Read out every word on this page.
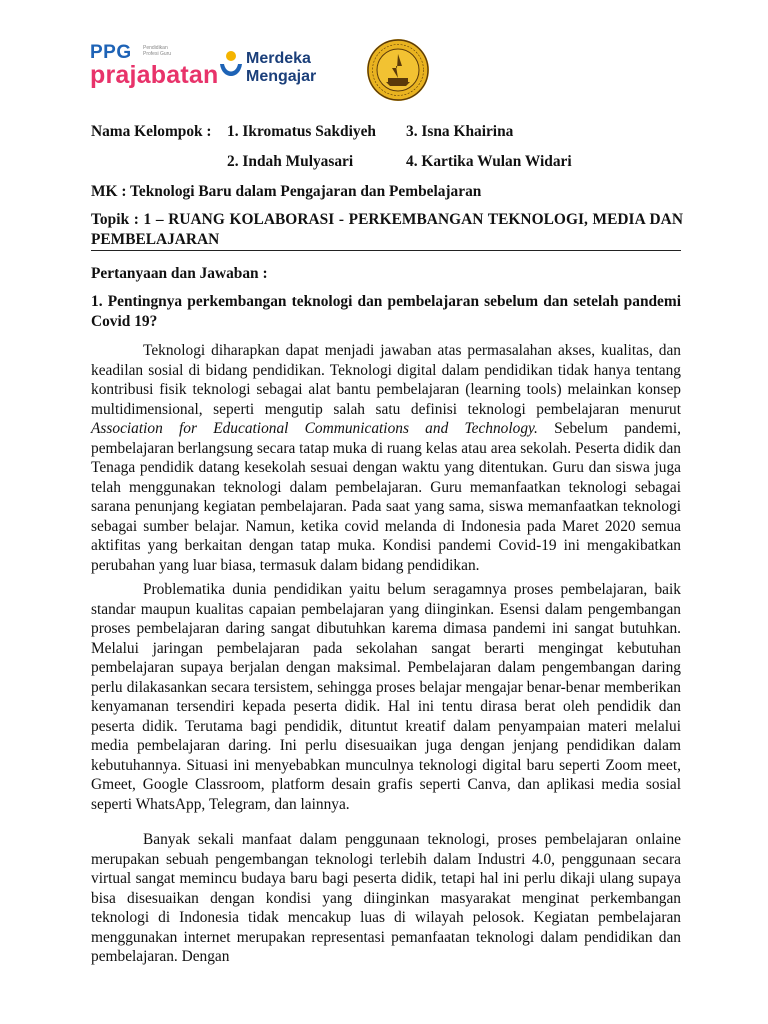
PPG Pendidikan Profesi Guru
prajabatan
Merdeka
Mengajar
Nama Kelompok : 1. Ikromatus Sakdiyeh 3. Isna Khairina
2. Indah Mulyasari	4. Kartika Wulan Widari
MK : Teknologi Baru dalam Pengajaran dan Pembelajaran
Topik : 1 – RUANG KOLABORASI - PERKEMBANGAN TEKNOLOGI, MEDIA DAN
PEMBELAJARAN
Pertanyaan dan Jawaban :
1. Pentingnya perkembangan teknologi dan pembelajaran sebelum dan setelah pandemi Covid 19?

Teknologi diharapkan dapat menjadi jawaban atas permasalahan akses, kualitas, dan keadilan sosial di bidang pendidikan. Teknologi digital dalam pendidikan tidak hanya tentang kontribusi fisik teknologi sebagai alat bantu pembelajaran (learning tools) melainkan konsep multidimensional, seperti mengutip salah satu definisi teknologi pembelajaran menurut Association for Educational Communications and Technology. Sebelum pandemi, pembelajaran berlangsung secara tatap muka di ruang kelas atau area sekolah. Peserta didik dan Tenaga pendidik datang kesekolah sesuai dengan waktu yang ditentukan. Guru dan siswa juga telah menggunakan teknologi dalam pembelajaran. Guru memanfaatkan teknologi sebagai sarana penunjang kegiatan pembelajaran. Pada saat yang sama, siswa memanfaatkan teknologi sebagai sumber belajar. Namun, ketika covid melanda di Indonesia pada Maret 2020 semua aktifitas yang berkaitan dengan tatap muka. Kondisi pandemi Covid-19 ini mengakibatkan perubahan yang luar biasa, termasuk dalam bidang pendidikan.

Problematika dunia pendidikan yaitu belum seragamnya proses pembelajaran, baik standar maupun kualitas capaian pembelajaran yang diinginkan. Esensi dalam pengembangan proses pembelajaran daring sangat dibutuhkan karema dimasa pandemi ini sangat butuhkan. Melalui jaringan pembelajaran pada sekolahan sangat berarti mengingat kebutuhan pembelajaran supaya berjalan dengan maksimal. Pembelajaran dalam pengembangan daring perlu dilakasankan secara tersistem, sehingga proses belajar mengajar benar-benar memberikan kenyamanan tersendiri kepada peserta didik. Hal ini tentu dirasa berat oleh pendidik dan peserta didik. Terutama bagi pendidik, dituntut kreatif dalam penyampaian materi melalui media pembelajaran daring. Ini perlu disesuaikan juga dengan jenjang pendidikan dalam kebutuhannya. Situasi ini menyebabkan munculnya teknologi digital baru seperti Zoom meet, Gmeet, Google Classroom, platform desain grafis seperti Canva, dan aplikasi media sosial seperti WhatsApp, Telegram, dan lainnya.

Banyak sekali manfaat dalam penggunaan teknologi, proses pembelajaran onlaine merupakan sebuah pengembangan teknologi terlebih dalam Industri 4.0, penggunaan secara virtual sangat memincu budaya baru bagi peserta didik, tetapi hal ini perlu dikaji ulang supaya bisa disesuaikan dengan kondisi yang diinginkan masyarakat menginat perkembangan teknologi di Indonesia tidak mencakup luas di wilayah pelosok. Kegiatan pembelajaran menggunakan internet merupakan representasi pemanfaatan teknologi dalam pendidikan dan pembelajaran. Dengan
